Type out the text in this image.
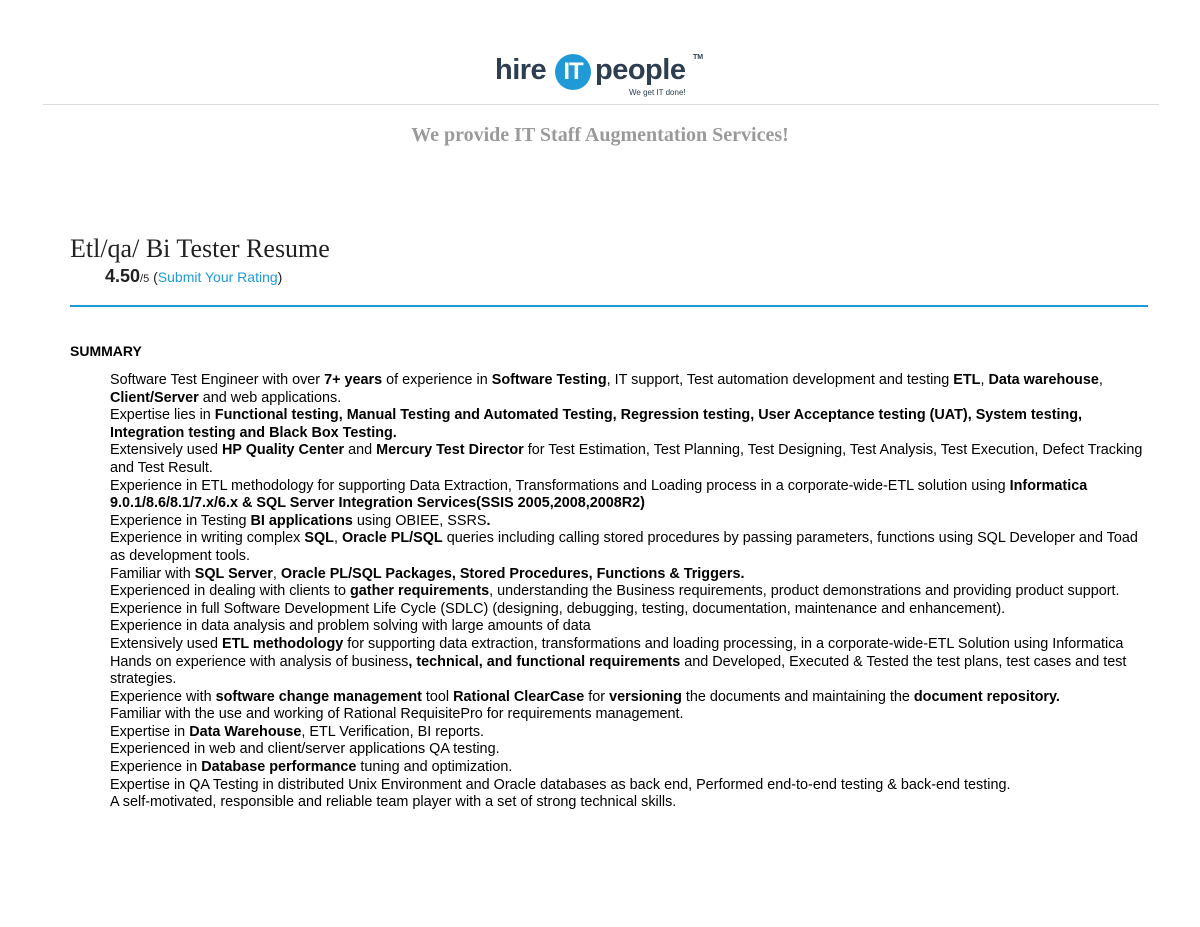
hire IT people TM
We get IT done!
We provide IT Staff Augmentation Services!
Etl/qa/ Bi Tester Resume
4.50/5 (Submit Your Rating)
SUMMARY
Software Test Engineer with over 7+ years of experience in Software Testing, IT support, Test automation development and testing ETL, Data warehouse, Client/Server and web applications.
Expertise lies in Functional testing, Manual Testing and Automated Testing, Regression testing, User Acceptance testing (UAT), System testing, Integration testing and Black Box Testing.
Extensively used HP Quality Center and Mercury Test Director for Test Estimation, Test Planning, Test Designing, Test Analysis, Test Execution, Defect Tracking and Test Result.
Experience in ETL methodology for supporting Data Extraction, Transformations and Loading process in a corporate-wide-ETL solution using Informatica 9.0.1/8.6/8.1/7.x/6.x & SQL Server Integration Services(SSIS 2005,2008,2008R2)
Experience in Testing BI applications using OBIEE, SSRS.
Experience in writing complex SQL, Oracle PL/SQL queries including calling stored procedures by passing parameters, functions using SQL Developer and Toad as development tools.
Familiar with SQL Server, Oracle PL/SQL Packages, Stored Procedures, Functions & Triggers.
Experienced in dealing with clients to gather requirements, understanding the Business requirements, product demonstrations and providing product support.
Experience in full Software Development Life Cycle (SDLC) (designing, debugging, testing, documentation, maintenance and enhancement).
Experience in data analysis and problem solving with large amounts of data
Extensively used ETL methodology for supporting data extraction, transformations and loading processing, in a corporate-wide-ETL Solution using Informatica
Hands on experience with analysis of business, technical, and functional requirements and Developed, Executed & Tested the test plans, test cases and test strategies.
Experience with software change management tool Rational ClearCase for versioning the documents and maintaining the document repository.
Familiar with the use and working of Rational RequisitePro for requirements management.
Expertise in Data Warehouse, ETL Verification, BI reports.
Experienced in web and client/server applications QA testing.
Experience in Database performance tuning and optimization.
Expertise in QA Testing in distributed Unix Environment and Oracle databases as back end, Performed end-to-end testing & back-end testing.
A self-motivated, responsible and reliable team player with a set of strong technical skills.
